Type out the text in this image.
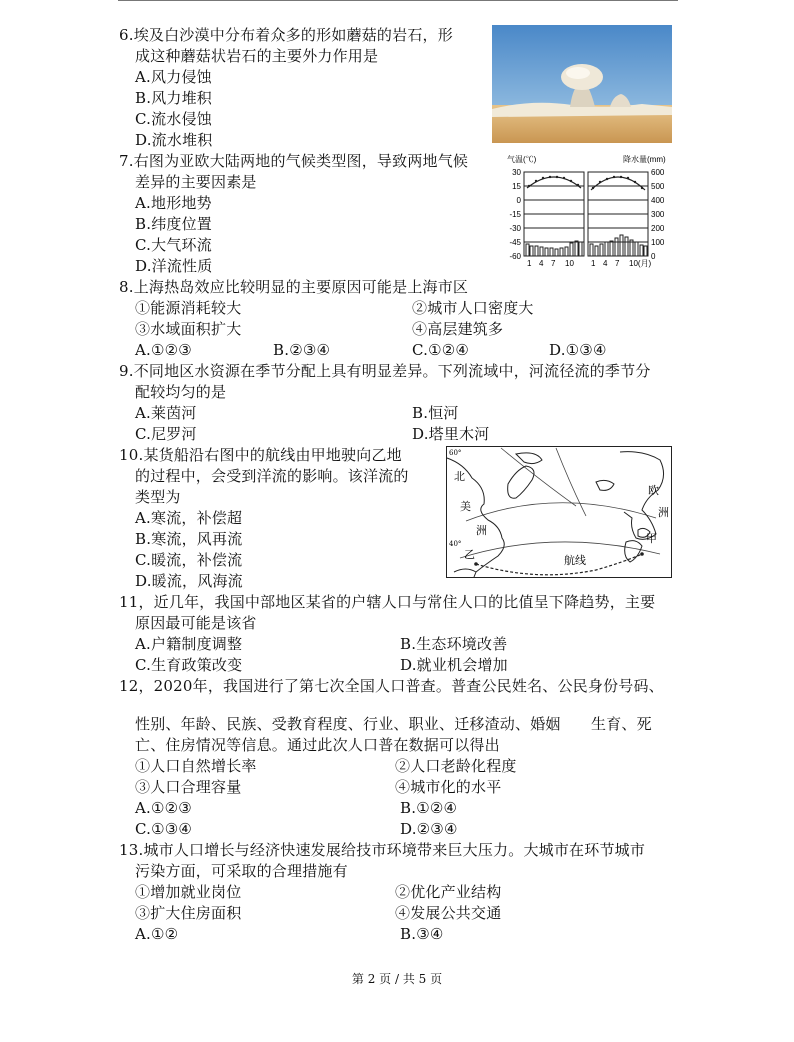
6.埃及白沙漠中分布着众多的形如蘑菇的岩石，形
成这种蘑菇状岩石的主要外力作用是
A.风力侵蚀
B.风力堆积
C.流水侵蚀
D.流水堆积
7.右图为亚欧大陆两地的气候类型图，导致两地气候
差异的主要因素是
A.地形地势
B.纬度位置
C.大气环流
D.洋流性质
气温(℃)	降水量(mm)
30
15
0
-15
-30
-45
-60
600
500
400
300
200
100
0
1 4 7 10 1 4 7 10(月)
8.上海热岛效应比较明显的主要原因可能是上海市区
①能源消耗较大	②城市人口密度大
③水域面积扩大	④高层建筑多
A.①②③	B.②③④	C.①②④	D.①③④
9.不同地区水资源在季节分配上具有明显差异。下列流域中，河流径流的季节分
配较均匀的是
A.莱茵河	B.恒河
C.尼罗河	D.塔里木河
10.某货船沿右图中的航线由甲地驶向乙地
的过程中，会受到洋流的影响。该洋流的
类型为
A.寒流，补偿超
B.寒流，风再流
C.暖流，补偿流
D.暖流，风海流
北
美
洲
乙
欧
洲
甲
航线
60°
40°
11，近几年，我国中部地区某省的户辖人口与常住人口的比值呈下降趋势，主要
原因最可能是该省
A.户籍制度调整	B.生态环境改善
C.生育政策改变	D.就业机会增加
12，2020年，我国进行了第七次全国人口普查。普查公民姓名、公民身份号码、
性别、年龄、民族、受教育程度、行业、职业、迁移渣动、婚姻　　生育、死
亡、住房情况等信息。通过此次人口普在数据可以得出
①人口自然增长率	②人口老龄化程度
③人口合理容量	④城市化的水平
A.①②③	B.①②④
C.①③④	D.②③④
13.城市人口增长与经济快速发展给技市环境带来巨大压力。大城市在环节城市
污染方面，可采取的合理措施有
①增加就业岗位	②优化产业结构
③扩大住房面积	④发展公共交通
A.①②	B.③④
第 2 页 / 共 5 页
